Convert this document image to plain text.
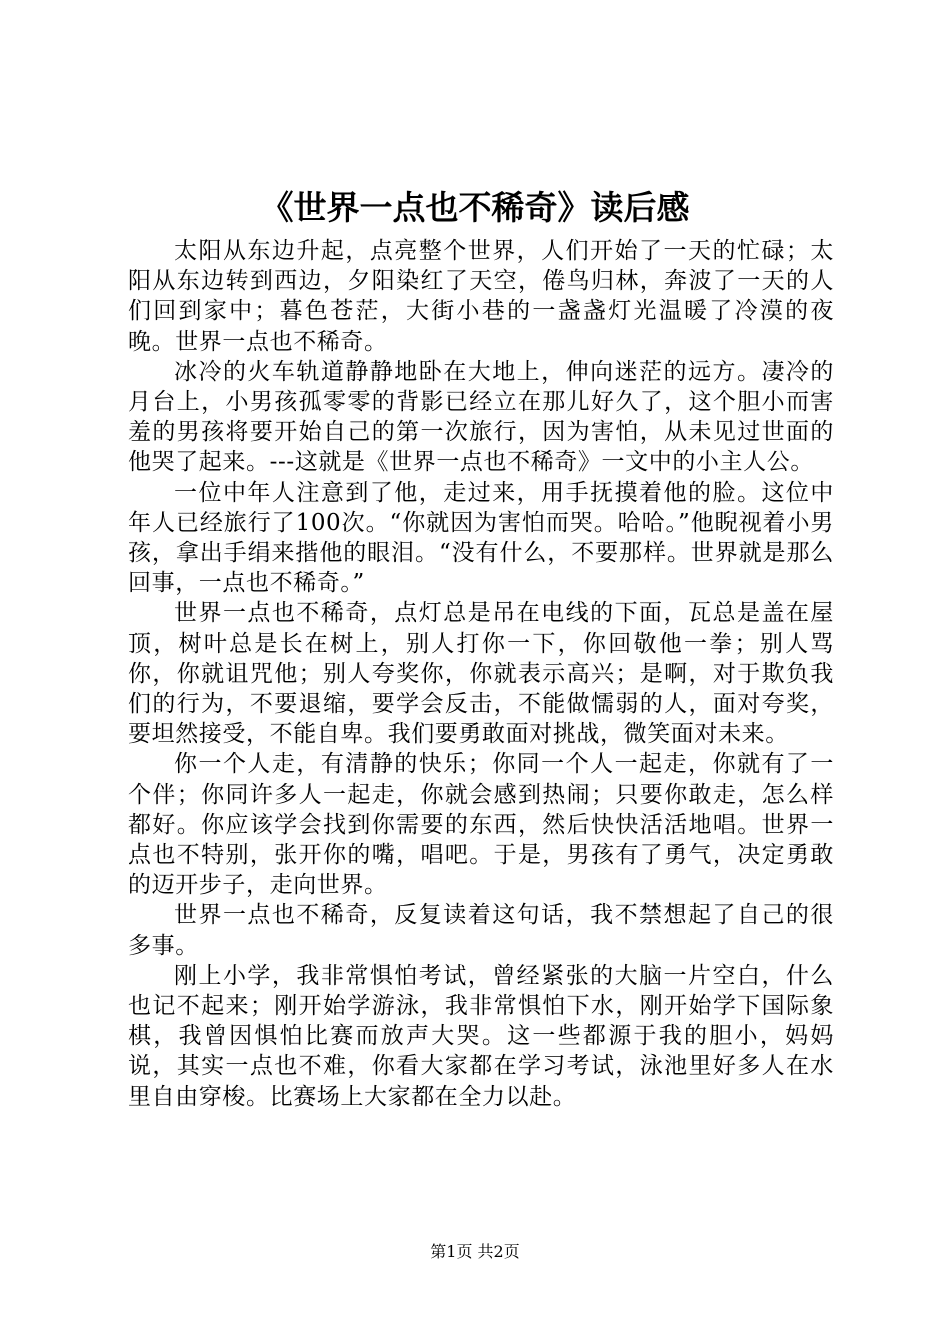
《世界一点也不稀奇》读后感

太阳从东边升起，点亮整个世界，人们开始了一天的忙碌；太阳从东边转到西边，夕阳染红了天空，倦鸟归林，奔波了一天的人们回到家中；暮色苍茫，大街小巷的一盏盏灯光温暖了冷漠的夜晚。世界一点也不稀奇。

冰冷的火车轨道静静地卧在大地上，伸向迷茫的远方。凄冷的月台上，小男孩孤零零的背影已经立在那儿好久了，这个胆小而害羞的男孩将要开始自己的第一次旅行，因为害怕，从未见过世面的他哭了起来。---这就是《世界一点也不稀奇》一文中的小主人公。

一位中年人注意到了他，走过来，用手抚摸着他的脸。这位中年人已经旅行了100次。“你就因为害怕而哭。哈哈。”他睨视着小男孩，拿出手绢来揩他的眼泪。“没有什么，不要那样。世界就是那么回事，一点也不稀奇。”

世界一点也不稀奇，点灯总是吊在电线的下面，瓦总是盖在屋顶，树叶总是长在树上，别人打你一下，你回敬他一拳；别人骂你，你就诅咒他；别人夸奖你，你就表示高兴；是啊，对于欺负我们的行为，不要退缩，要学会反击，不能做懦弱的人，面对夸奖，要坦然接受，不能自卑。我们要勇敢面对挑战，微笑面对未来。

你一个人走，有清静的快乐；你同一个人一起走，你就有了一个伴；你同许多人一起走，你就会感到热闹；只要你敢走，怎么样都好。你应该学会找到你需要的东西，然后快快活活地唱。世界一点也不特别，张开你的嘴，唱吧。于是，男孩有了勇气，决定勇敢的迈开步子，走向世界。

世界一点也不稀奇，反复读着这句话，我不禁想起了自己的很多事。

刚上小学，我非常惧怕考试，曾经紧张的大脑一片空白，什么也记不起来；刚开始学游泳，我非常惧怕下水，刚开始学下国际象棋，我曾因惧怕比赛而放声大哭。这一些都源于我的胆小，妈妈说，其实一点也不难，你看大家都在学习考试，泳池里好多人在水里自由穿梭。比赛场上大家都在全力以赴。

第1页 共2页
